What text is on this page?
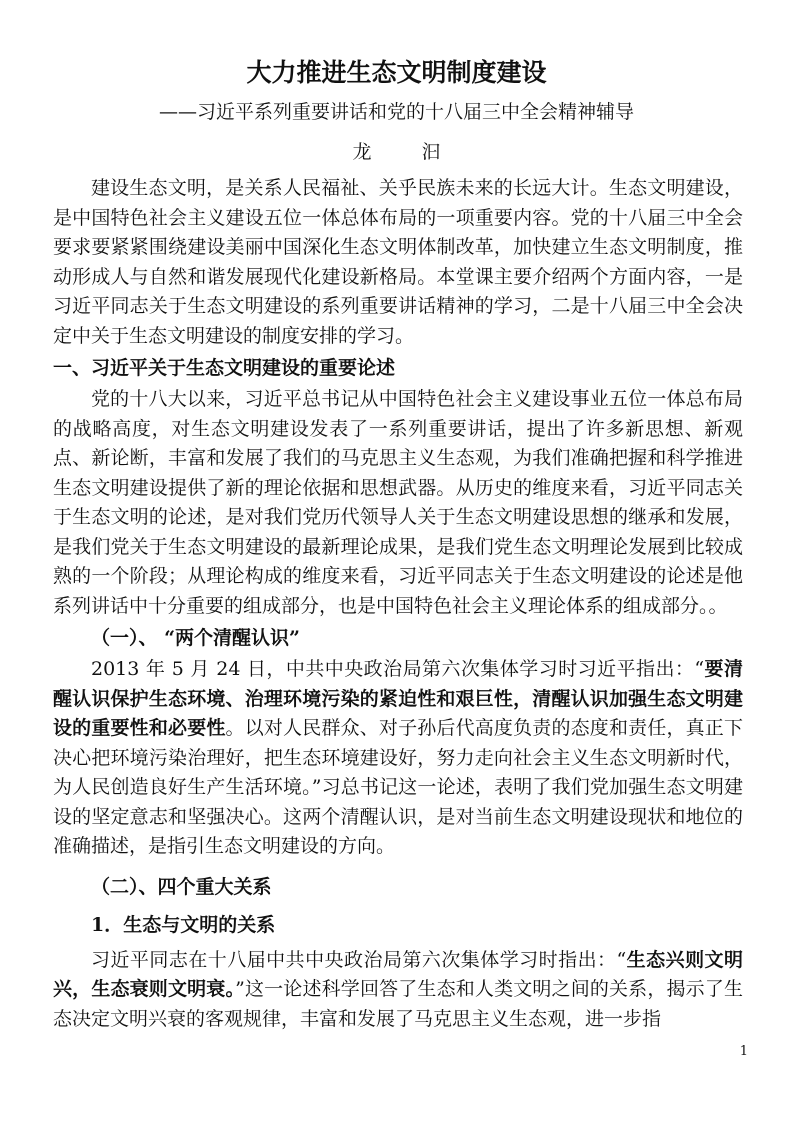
大力推进生态文明制度建设

——习近平系列重要讲话和党的十八届三中全会精神辅导

龙 汩

建设生态文明，是关系人民福祉、关乎民族未来的长远大计。生态文明建设，是中国特色社会主义建设五位一体总体布局的一项重要内容。党的十八届三中全会要求要紧紧围绕建设美丽中国深化生态文明体制改革，加快建立生态文明制度，推动形成人与自然和谐发展现代化建设新格局。本堂课主要介绍两个方面内容，一是习近平同志关于生态文明建设的系列重要讲话精神的学习，二是十八届三中全会决定中关于生态文明建设的制度安排的学习。

一、习近平关于生态文明建设的重要论述

党的十八大以来，习近平总书记从中国特色社会主义建设事业五位一体总布局的战略高度，对生态文明建设发表了一系列重要讲话，提出了许多新思想、新观点、新论断，丰富和发展了我们的马克思主义生态观，为我们准确把握和科学推进生态文明建设提供了新的理论依据和思想武器。从历史的维度来看，习近平同志关于生态文明的论述，是对我们党历代领导人关于生态文明建设思想的继承和发展，是我们党关于生态文明建设的最新理论成果，是我们党生态文明理论发展到比较成熟的一个阶段；从理论构成的维度来看，习近平同志关于生态文明建设的论述是他系列讲话中十分重要的组成部分，也是中国特色社会主义理论体系的组成部分。。

（一）、 “两个清醒认识”

2013 年 5 月 24 日，中共中央政治局第六次集体学习时习近平指出：“要清醒认识保护生态环境、治理环境污染的紧迫性和艰巨性，清醒认识加强生态文明建设的重要性和必要性。以对人民群众、对子孙后代高度负责的态度和责任，真正下决心把环境污染治理好，把生态环境建设好，努力走向社会主义生态文明新时代，为人民创造良好生产生活环境。”习总书记这一论述，表明了我们党加强生态文明建设的坚定意志和坚强决心。这两个清醒认识，是对当前生态文明建设现状和地位的准确描述，是指引生态文明建设的方向。

（二）、四个重大关系

1．生态与文明的关系

习近平同志在十八届中共中央政治局第六次集体学习时指出：“生态兴则文明兴，生态衰则文明衰。”这一论述科学回答了生态和人类文明之间的关系，揭示了生态决定文明兴衰的客观规律，丰富和发展了马克思主义生态观，进一步指

1
